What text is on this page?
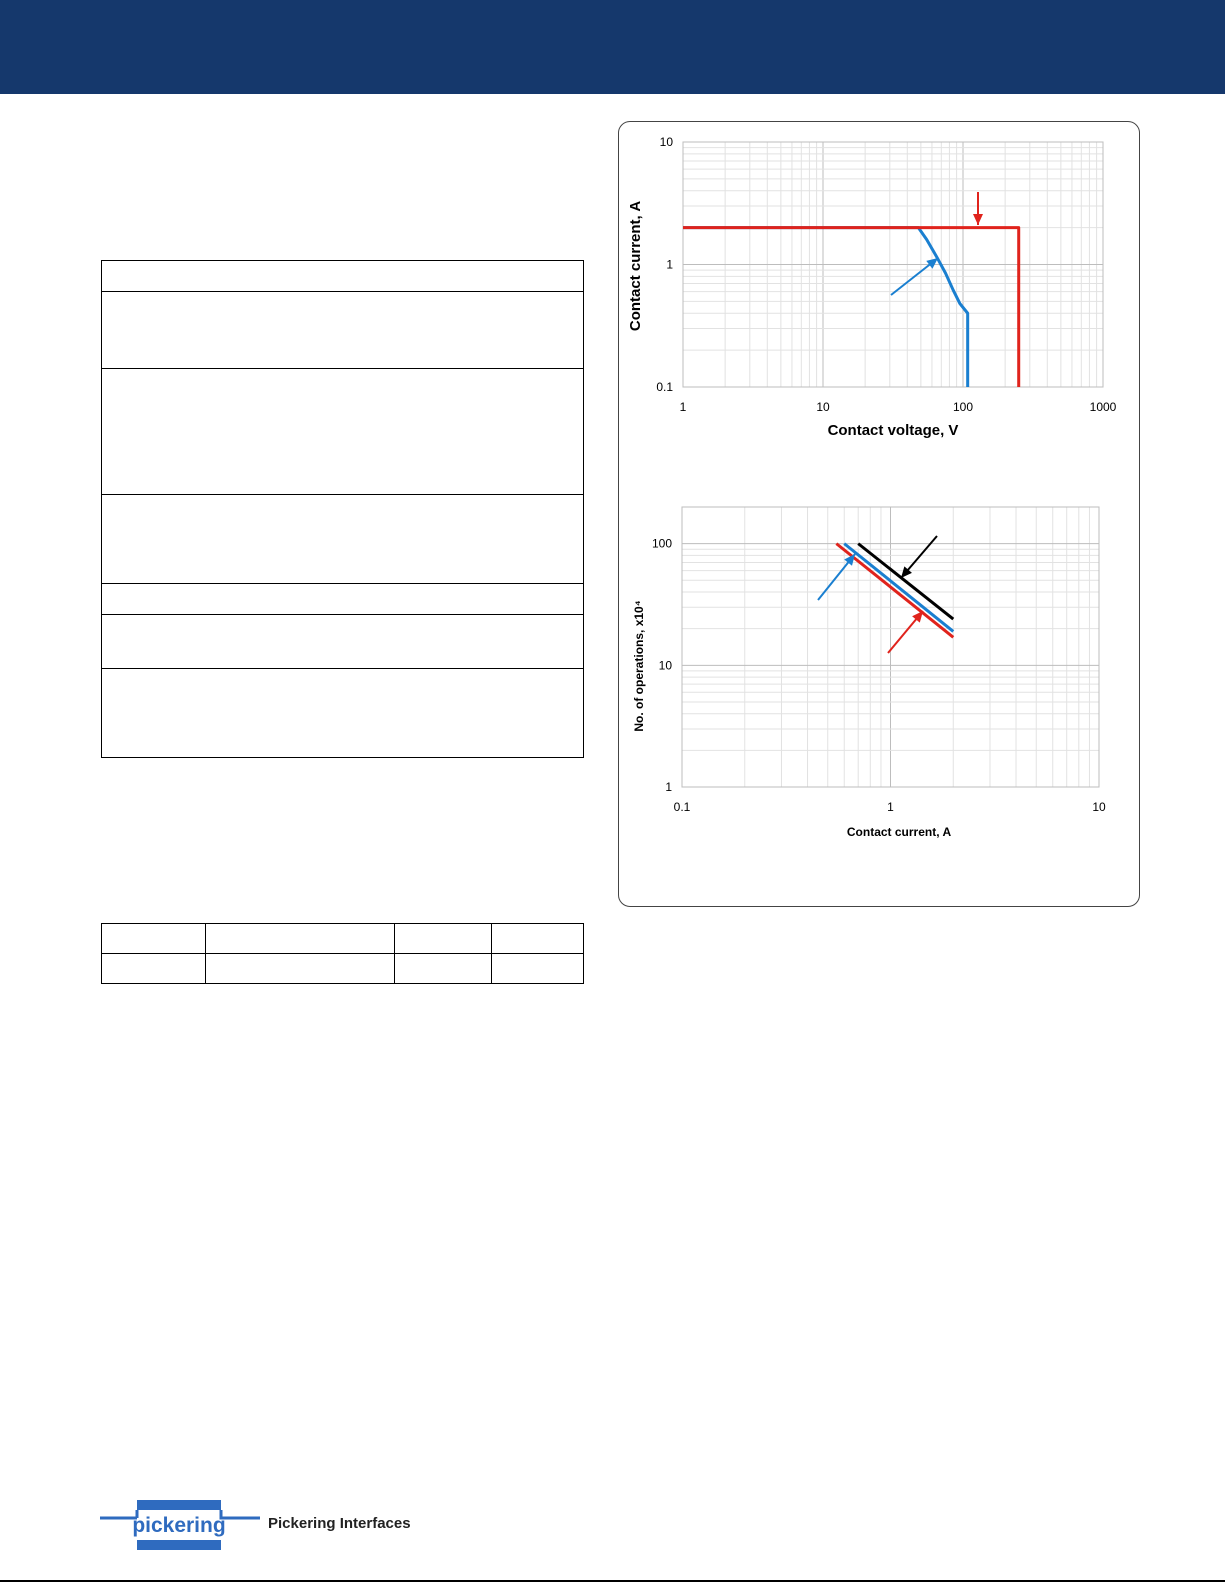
1	10	100	1000
0.1
1
10
Contact voltage, V
Contact current, A
0.1	1	10
1
10
100
Contact current, A
No. of operations, x10⁴
pickering	Pickering Interfaces
